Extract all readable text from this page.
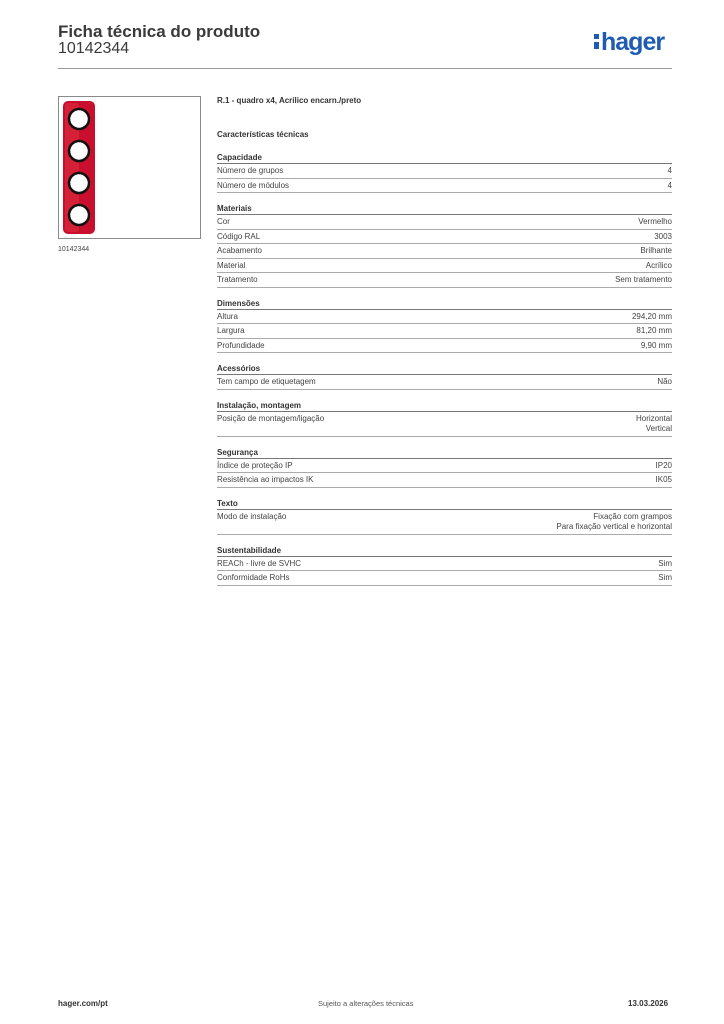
Ficha técnica do produto
10142344	hager
10142344
R.1 - quadro x4, Acrílico encarn./preto
Características técnicas
Capacidade
Número de grupos	4
Número de módulos	4
Materiais
Cor	Vermelho
Código RAL	3003
Acabamento	Brilhante
Material	Acrílico
Tratamento	Sem tratamento
Dimensões
Altura	294,20 mm
Largura	81,20 mm
Profundidade	9,90 mm
Acessórios
Tem campo de etiquetagem	Não
Instalação, montagem
Posição de montagem/ligação	Horizontal
Vertical
Segurança
Índice de proteção IP	IP20
Resistência ao impactos IK	IK05
Texto
Modo de instalação	Fixação com grampos
Para fixação vertical e horizontal
Sustentabilidade
REACh - livre de SVHC	Sim
Conformidade RoHs	Sim
hager.com/pt	Sujeito a alterações técnicas	13.03.2026
